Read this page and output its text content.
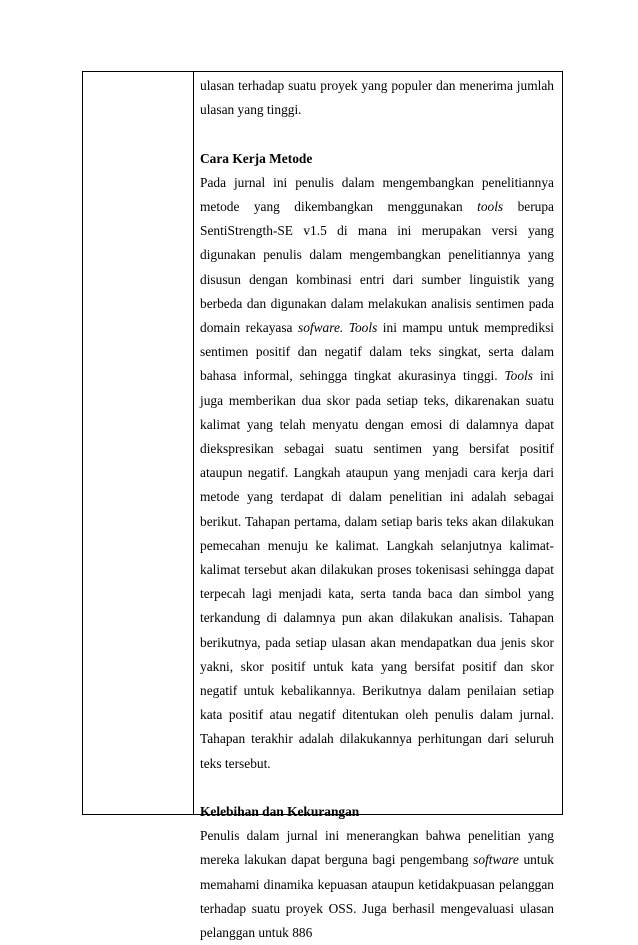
ulasan terhadap suatu proyek yang populer dan menerima jumlah ulasan yang tinggi.

Cara Kerja Metode

Pada jurnal ini penulis dalam mengembangkan penelitiannya metode yang dikembangkan menggunakan tools berupa SentiStrength-SE v1.5 di mana ini merupakan versi yang digunakan penulis dalam mengembangkan penelitiannya yang disusun dengan kombinasi entri dari sumber linguistik yang berbeda dan digunakan dalam melakukan analisis sentimen pada domain rekayasa sofware. Tools ini mampu untuk memprediksi sentimen positif dan negatif dalam teks singkat, serta dalam bahasa informal, sehingga tingkat akurasinya tinggi. Tools ini juga memberikan dua skor pada setiap teks, dikarenakan suatu kalimat yang telah menyatu dengan emosi di dalamnya dapat diekspresikan sebagai suatu sentimen yang bersifat positif ataupun negatif. Langkah ataupun yang menjadi cara kerja dari metode yang terdapat di dalam penelitian ini adalah sebagai berikut. Tahapan pertama, dalam setiap baris teks akan dilakukan pemecahan menuju ke kalimat. Langkah selanjutnya kalimat-kalimat tersebut akan dilakukan proses tokenisasi sehingga dapat terpecah lagi menjadi kata, serta tanda baca dan simbol yang terkandung di dalamnya pun akan dilakukan analisis. Tahapan berikutnya, pada setiap ulasan akan mendapatkan dua jenis skor yakni, skor positif untuk kata yang bersifat positif dan skor negatif untuk kebalikannya. Berikutnya dalam penilaian setiap kata positif atau negatif ditentukan oleh penulis dalam jurnal. Tahapan terakhir adalah dilakukannya perhitungan dari seluruh teks tersebut.

Kelebihan dan Kekurangan

Penulis dalam jurnal ini menerangkan bahwa penelitian yang mereka lakukan dapat berguna bagi pengembang software untuk memahami dinamika kepuasan ataupun ketidakpuasan pelanggan terhadap suatu proyek OSS. Juga berhasil mengevaluasi ulasan pelanggan untuk 886
